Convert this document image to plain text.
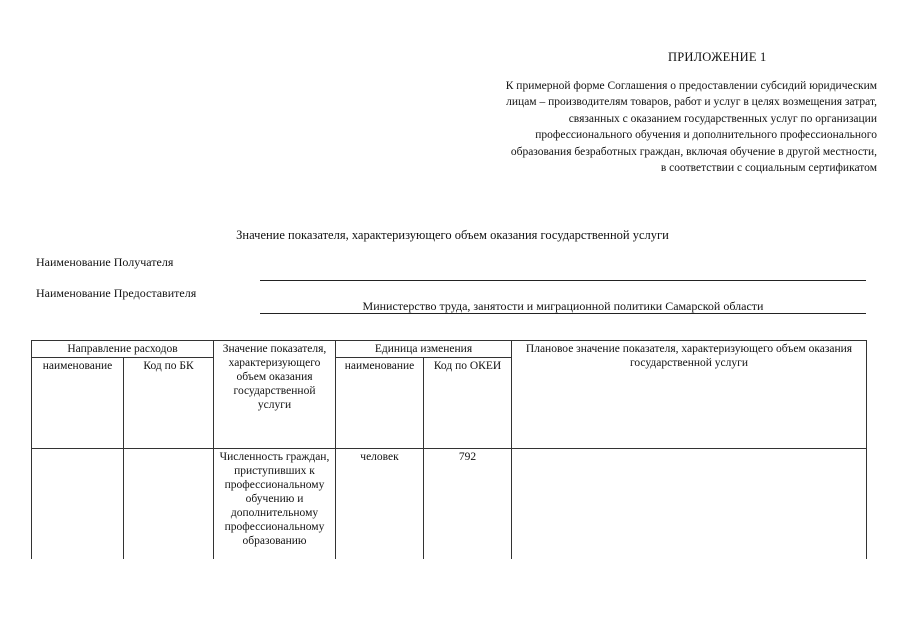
ПРИЛОЖЕНИЕ 1
К примерной форме Соглашения о предоставлении субсидий юридическим лицам – производителям товаров, работ и услуг в целях возмещения затрат, связанных с оказанием государственных услуг по организации профессионального обучения и дополнительного профессионального образования безработных граждан, включая обучение в другой местности, в соответствии с социальным сертификатом
Значение показателя, характеризующего объем оказания государственной услуги
Наименование Получателя
Наименование Предоставителя
Министерство труда, занятости и миграционной политики Самарской области
Направление расходов		Значение показателя, характеризующего объем оказания государственной услуги	Единица изменения		Плановое значение показателя, характеризующего объем оказания государственной услуги
наименование	Код по БК		наименование	Код по ОКЕИ	
		Численность граждан, приступивших к профессиональному обучению и дополнительному профессиональному образованию	человек	792	
